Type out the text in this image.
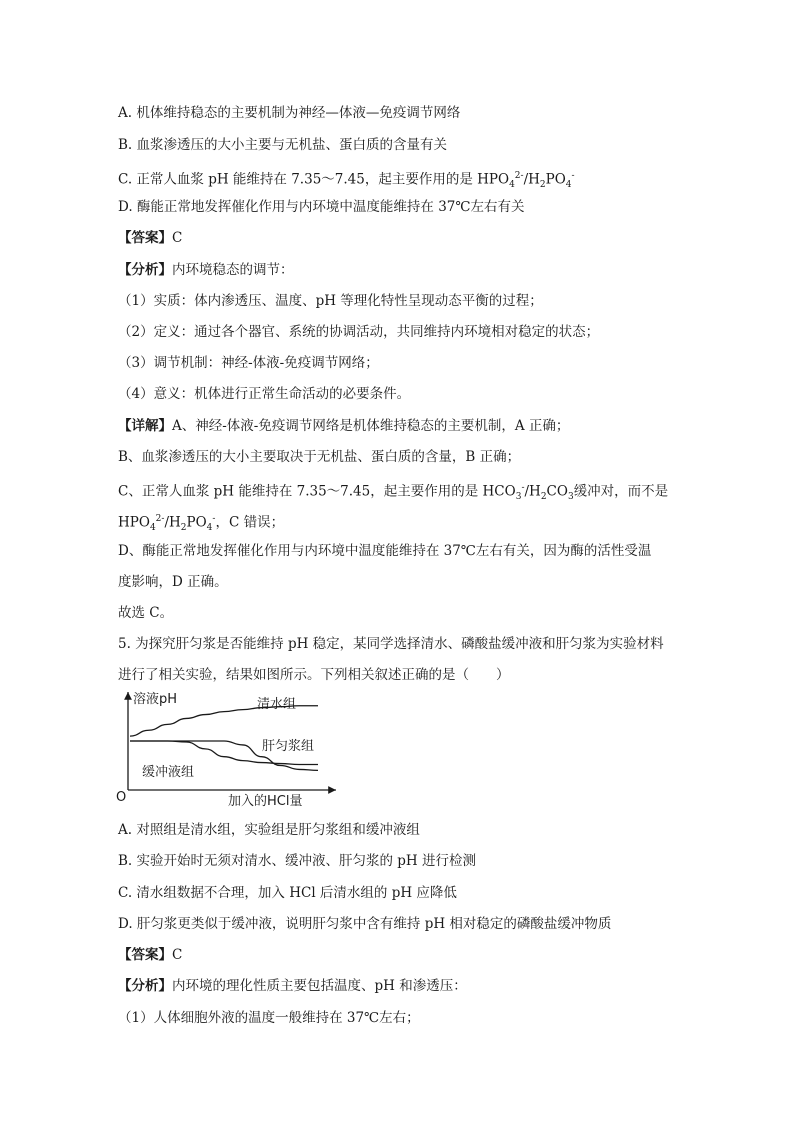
A. 机体维持稳态的主要机制为神经—体液—免疫调节网络
B. 血浆渗透压的大小主要与无机盐、蛋白质的含量有关
C. 正常人血浆 pH 能维持在 7.35～7.45，起主要作用的是 $HPO_4^{2-}/H_2PO_4^-$
D. 酶能正常地发挥催化作用与内环境中温度能维持在 37℃左右有关
【答案】C
【分析】内环境稳态的调节：
（1）实质：体内渗透压、温度、pH 等理化特性呈现动态平衡的过程；
（2）定义：通过各个器官、系统的协调活动，共同维持内环境相对稳定的状态；
（3）调节机制：神经-体液-免疫调节网络；
（4）意义：机体进行正常生命活动的必要条件。
【详解】A、神经-体液-免疫调节网络是机体维持稳态的主要机制，A 正确；
B、血浆渗透压的大小主要取决于无机盐、蛋白质的含量，B 正确；
C、正常人血浆 pH 能维持在 7.35～7.45，起主要作用的是 $HCO_3^-/H_2CO_3$缓冲对，而不是
$HPO_4^{2-}/H_2PO_4^-$，C 错误；
D、酶能正常地发挥催化作用与内环境中温度能维持在 37℃左右有关，因为酶的活性受温
度影响，D 正确。
故选 C。
5. 为探究肝匀浆是否能维持 pH 稳定，某同学选择清水、磷酸盐缓冲液和肝匀浆为实验材料
进行了相关实验，结果如图所示。下列相关叙述正确的是（　　）
溶液pH
O	加入的HCl量
清水组
缓冲液组
肝匀浆组
A. 对照组是清水组，实验组是肝匀浆组和缓冲液组
B. 实验开始时无须对清水、缓冲液、肝匀浆的 pH 进行检测
C. 清水组数据不合理，加入 HCl 后清水组的 pH 应降低
D. 肝匀浆更类似于缓冲液，说明肝匀浆中含有维持 pH 相对稳定的磷酸盐缓冲物质
【答案】C
【分析】内环境的理化性质主要包括温度、pH 和渗透压：
（1）人体细胞外液的温度一般维持在 37℃左右；
